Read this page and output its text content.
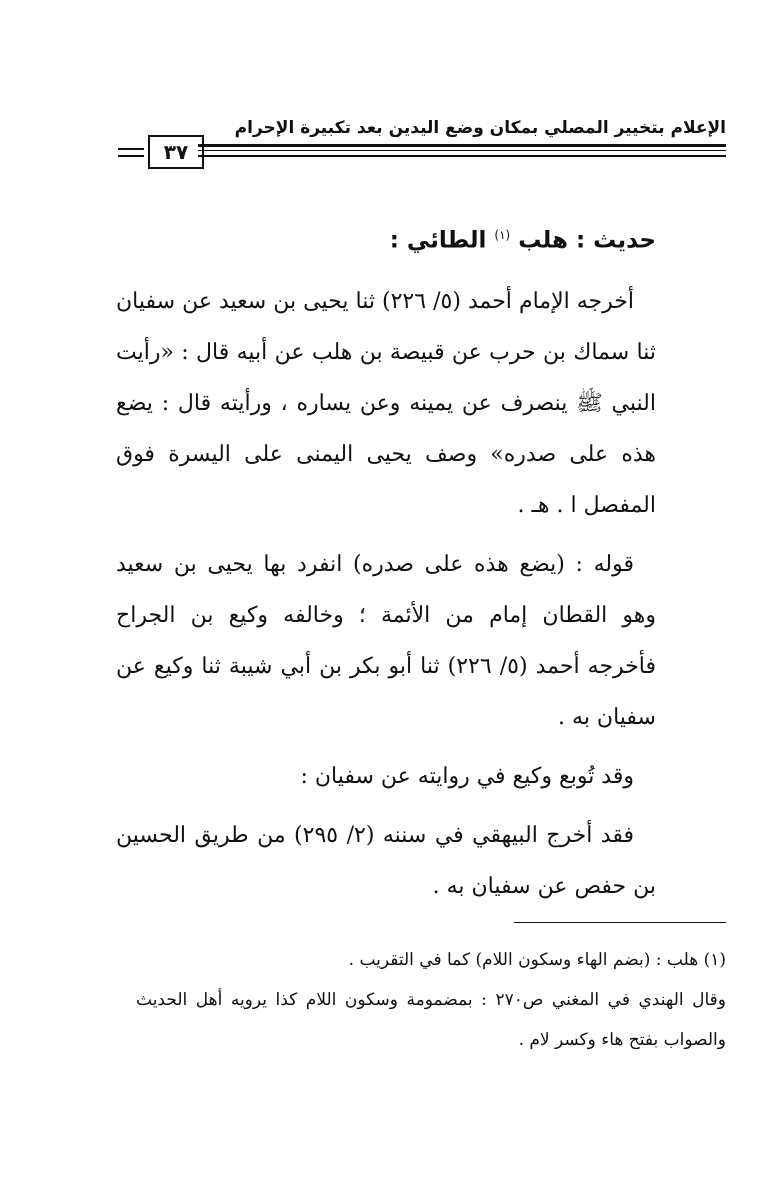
الإعلام بتخيير المصلي بمكان وضع اليدين بعد تكبيرة الإحرام
٣٧

حديث : هلب $^{(١)}$ الطائي :

أخرجه الإمام أحمد (٥/ ٢٢٦) ثنا يحيى بن سعيد عن سفيان ثنا سماك بن حرب عن قبيصة بن هلب عن أبيه قال : «رأيت النبي ﷺ ينصرف عن يمينه وعن يساره ، ورأيته قال : يضع هذه على صدره» وصف يحيى اليمنى على اليسرة فوق المفصل ا . هـ .

قوله : (يضع هذه على صدره) انفرد بها يحيى بن سعيد وهو القطان إمام من الأئمة ؛ وخالفه وكيع بن الجراح فأخرجه أحمد (٥/ ٢٢٦) ثنا أبو بكر بن أبي شيبة ثنا وكيع عن سفيان به .

وقد تُوبع وكيع في روايته عن سفيان :

فقد أخرج البيهقي في سننه (٢/ ٢٩٥) من طريق الحسين بن حفص عن سفيان به .

(١) هلب : (بضم الهاء وسكون اللام) كما في التقريب .

وقال الهندي في المغني ص٢٧٠ : بمضمومة وسكون اللام كذا يرويه أهل الحديث والصواب بفتح هاء وكسر لام .
